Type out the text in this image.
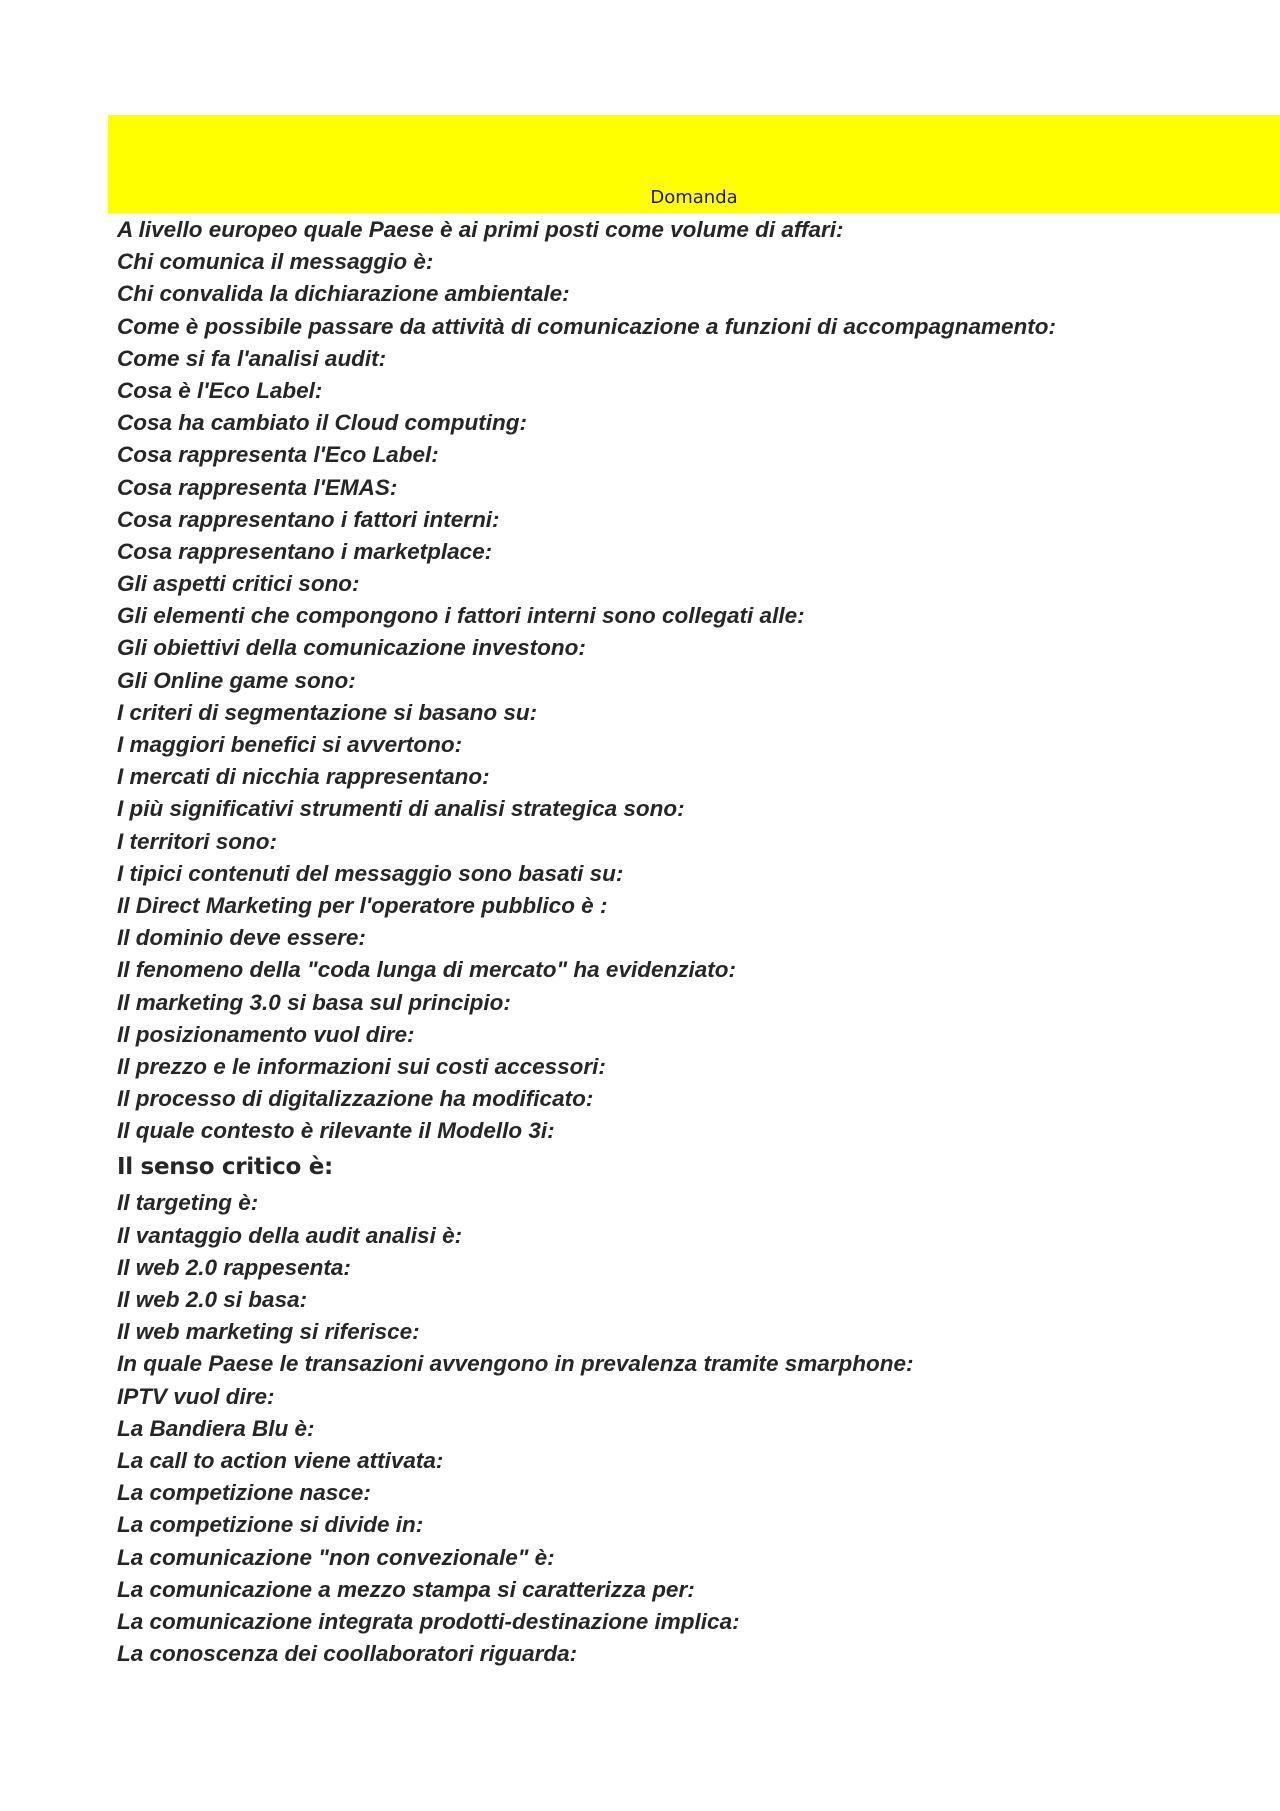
Domanda
A livello europeo quale Paese è ai primi posti come volume di affari:
Chi comunica il messaggio è:
Chi convalida la dichiarazione ambientale:
Come è possibile passare da attività di comunicazione a funzioni di accompagnamento:
Come si fa l'analisi audit:
Cosa è l'Eco Label:
Cosa ha cambiato il Cloud computing:
Cosa rappresenta l'Eco Label:
Cosa rappresenta l'EMAS:
Cosa rappresentano i fattori interni:
Cosa rappresentano i marketplace:
Gli aspetti critici sono:
Gli elementi che compongono i fattori interni sono collegati alle:
Gli obiettivi della comunicazione investono:
Gli Online game sono:
I criteri di segmentazione si basano su:
I maggiori benefici si avvertono:
I mercati di nicchia rappresentano:
I più significativi strumenti di analisi strategica sono:
I territori sono:
I tipici contenuti del messaggio sono basati su:
Il Direct Marketing per l'operatore pubblico è :
Il dominio deve essere:
Il fenomeno della "coda lunga di mercato" ha evidenziato:
Il marketing 3.0 si basa sul principio:
Il posizionamento vuol dire:
Il prezzo e le informazioni sui costi accessori:
Il processo di digitalizzazione ha modificato:
Il quale contesto è rilevante il Modello 3i:
Il senso critico è:
Il targeting è:
Il vantaggio della audit analisi è:
Il web 2.0 rappesenta:
Il web 2.0 si basa:
Il web marketing si riferisce:
In quale Paese le transazioni avvengono in prevalenza tramite smarphone:
IPTV vuol dire:
La Bandiera Blu è:
La call to action viene attivata:
La competizione nasce:
La competizione si divide in:
La comunicazione "non convezionale" è:
La comunicazione a mezzo stampa si caratterizza per:
La comunicazione integrata prodotti-destinazione implica:
La conoscenza dei coollaboratori riguarda:
